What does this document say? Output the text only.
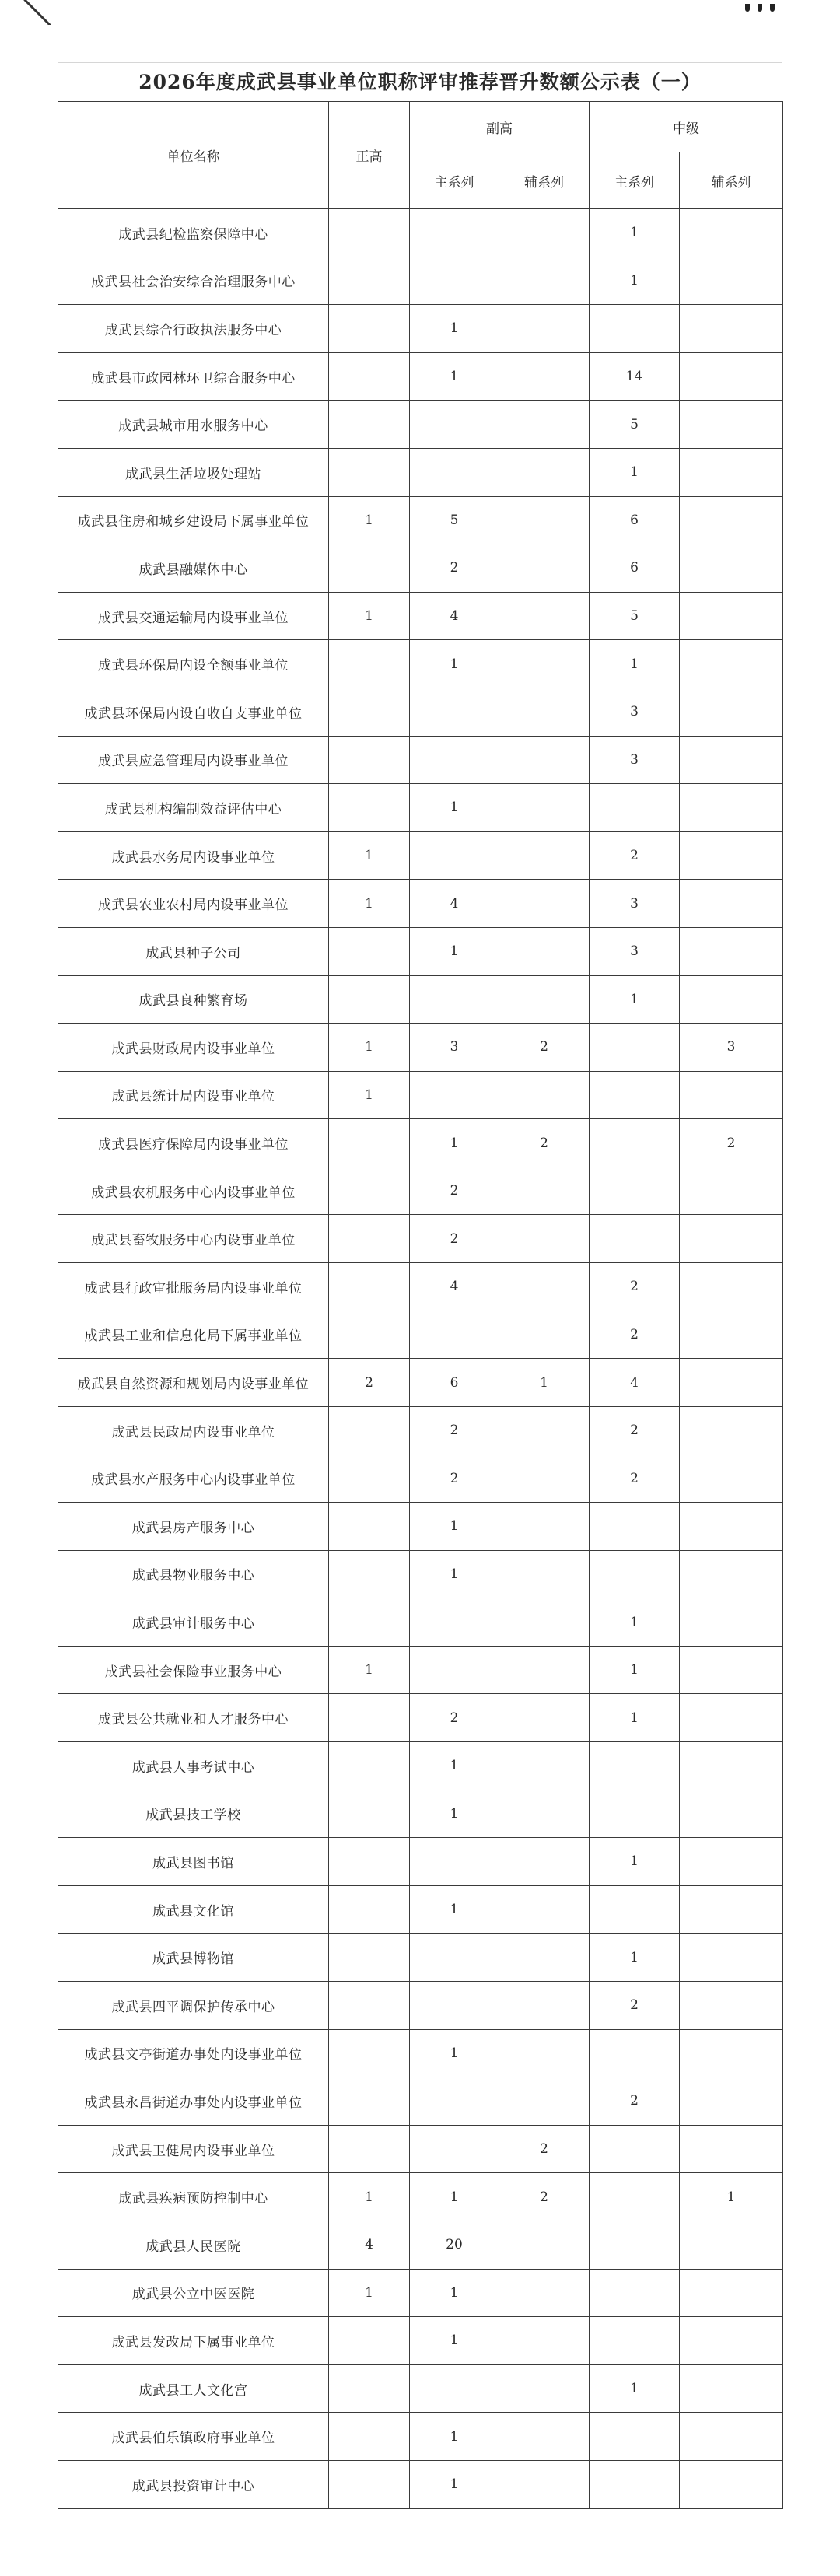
2026年度成武县事业单位职称评审推荐晋升数额公示表（一）
单位名称	正高	副高		中级	
		主系列	辅系列	主系列	辅系列
成武县纪检监察保障中心				1	
成武县社会治安综合治理服务中心				1	
成武县综合行政执法服务中心		1			
成武县市政园林环卫综合服务中心		1		14	
成武县城市用水服务中心				5	
成武县生活垃圾处理站				1	
成武县住房和城乡建设局下属事业单位	1	5		6	
成武县融媒体中心		2		6	
成武县交通运输局内设事业单位	1	4		5	
成武县环保局内设全额事业单位		1		1	
成武县环保局内设自收自支事业单位				3	
成武县应急管理局内设事业单位				3	
成武县机构编制效益评估中心		1			
成武县水务局内设事业单位	1			2	
成武县农业农村局内设事业单位	1	4		3	
成武县种子公司		1		3	
成武县良种繁育场				1	
成武县财政局内设事业单位	1	3	2		3
成武县统计局内设事业单位	1				
成武县医疗保障局内设事业单位		1	2		2
成武县农机服务中心内设事业单位		2			
成武县畜牧服务中心内设事业单位		2			
成武县行政审批服务局内设事业单位		4		2	
成武县工业和信息化局下属事业单位				2	
成武县自然资源和规划局内设事业单位	2	6	1	4	
成武县民政局内设事业单位		2		2	
成武县水产服务中心内设事业单位		2		2	
成武县房产服务中心		1			
成武县物业服务中心		1			
成武县审计服务中心				1	
成武县社会保险事业服务中心	1			1	
成武县公共就业和人才服务中心		2		1	
成武县人事考试中心		1			
成武县技工学校		1			
成武县图书馆				1	
成武县文化馆		1			
成武县博物馆				1	
成武县四平调保护传承中心				2	
成武县文亭街道办事处内设事业单位		1			
成武县永昌街道办事处内设事业单位				2	
成武县卫健局内设事业单位			2		
成武县疾病预防控制中心	1	1	2		1
成武县人民医院	4	20			
成武县公立中医医院	1	1			
成武县发改局下属事业单位		1			
成武县工人文化宫				1	
成武县伯乐镇政府事业单位		1			
成武县投资审计中心		1			
